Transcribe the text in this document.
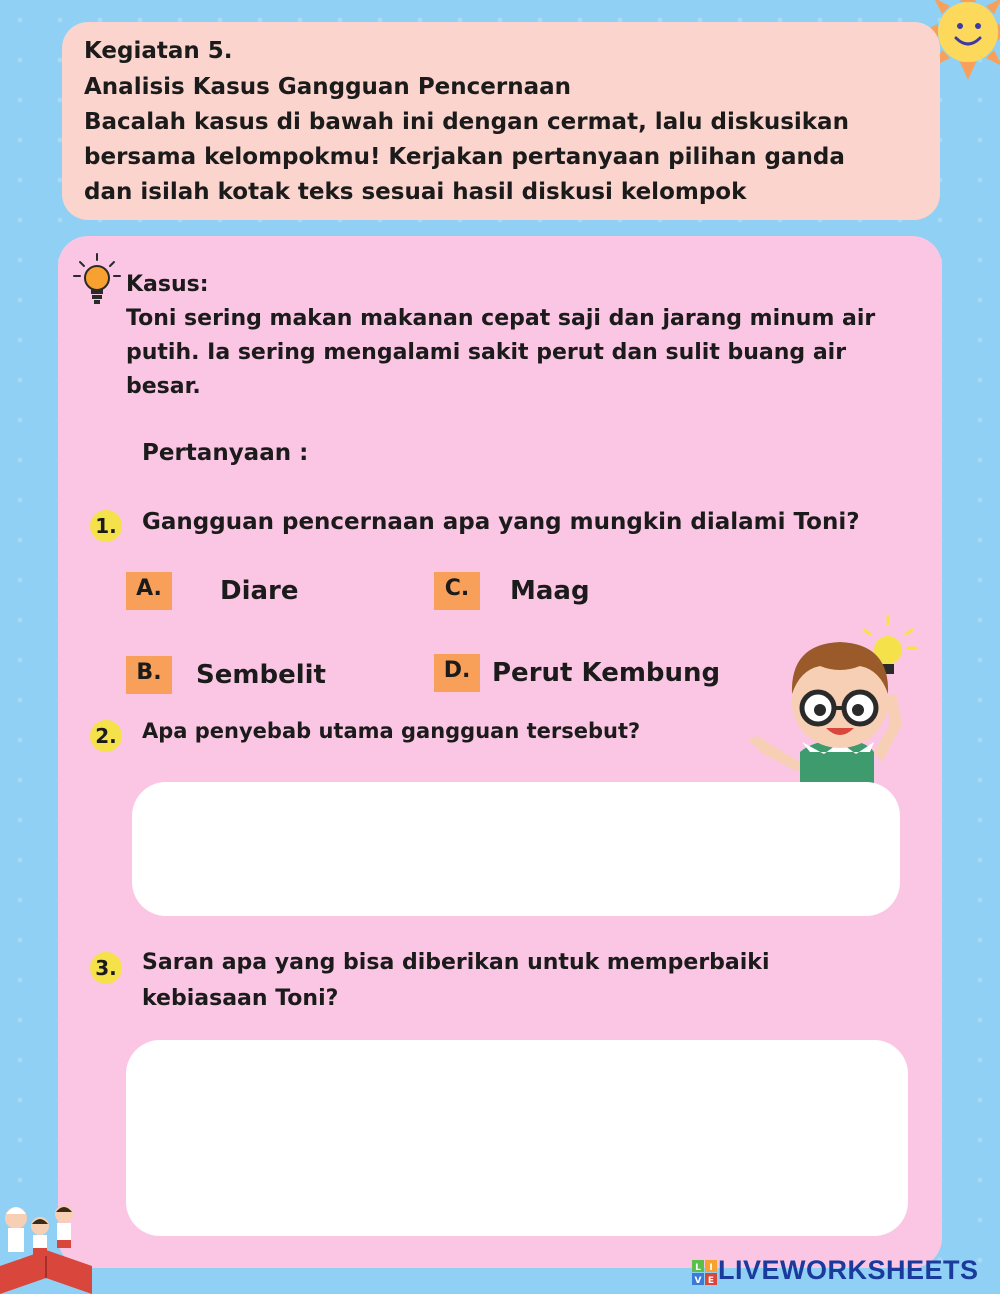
Kegiatan 5.
Analisis Kasus Gangguan Pencernaan
Bacalah kasus di bawah ini dengan cermat, lalu diskusikan
bersama kelompokmu! Kerjakan pertanyaan pilihan ganda
dan isilah kotak teks sesuai hasil diskusi kelompok
Kasus:
Toni sering makan makanan cepat saji dan jarang minum air
putih. Ia sering mengalami sakit perut dan sulit buang air
besar.
Pertanyaan :
1. Gangguan pencernaan apa yang mungkin dialami Toni?
A.	Diare
B.	Sembelit
C.	Maag
D. Perut Kembung
2. Apa penyebab utama gangguan tersebut?
3. Saran apa yang bisa diberikan untuk memperbaiki
kebiasaan Toni?
L I
V E LIVEWORKSHEETS
